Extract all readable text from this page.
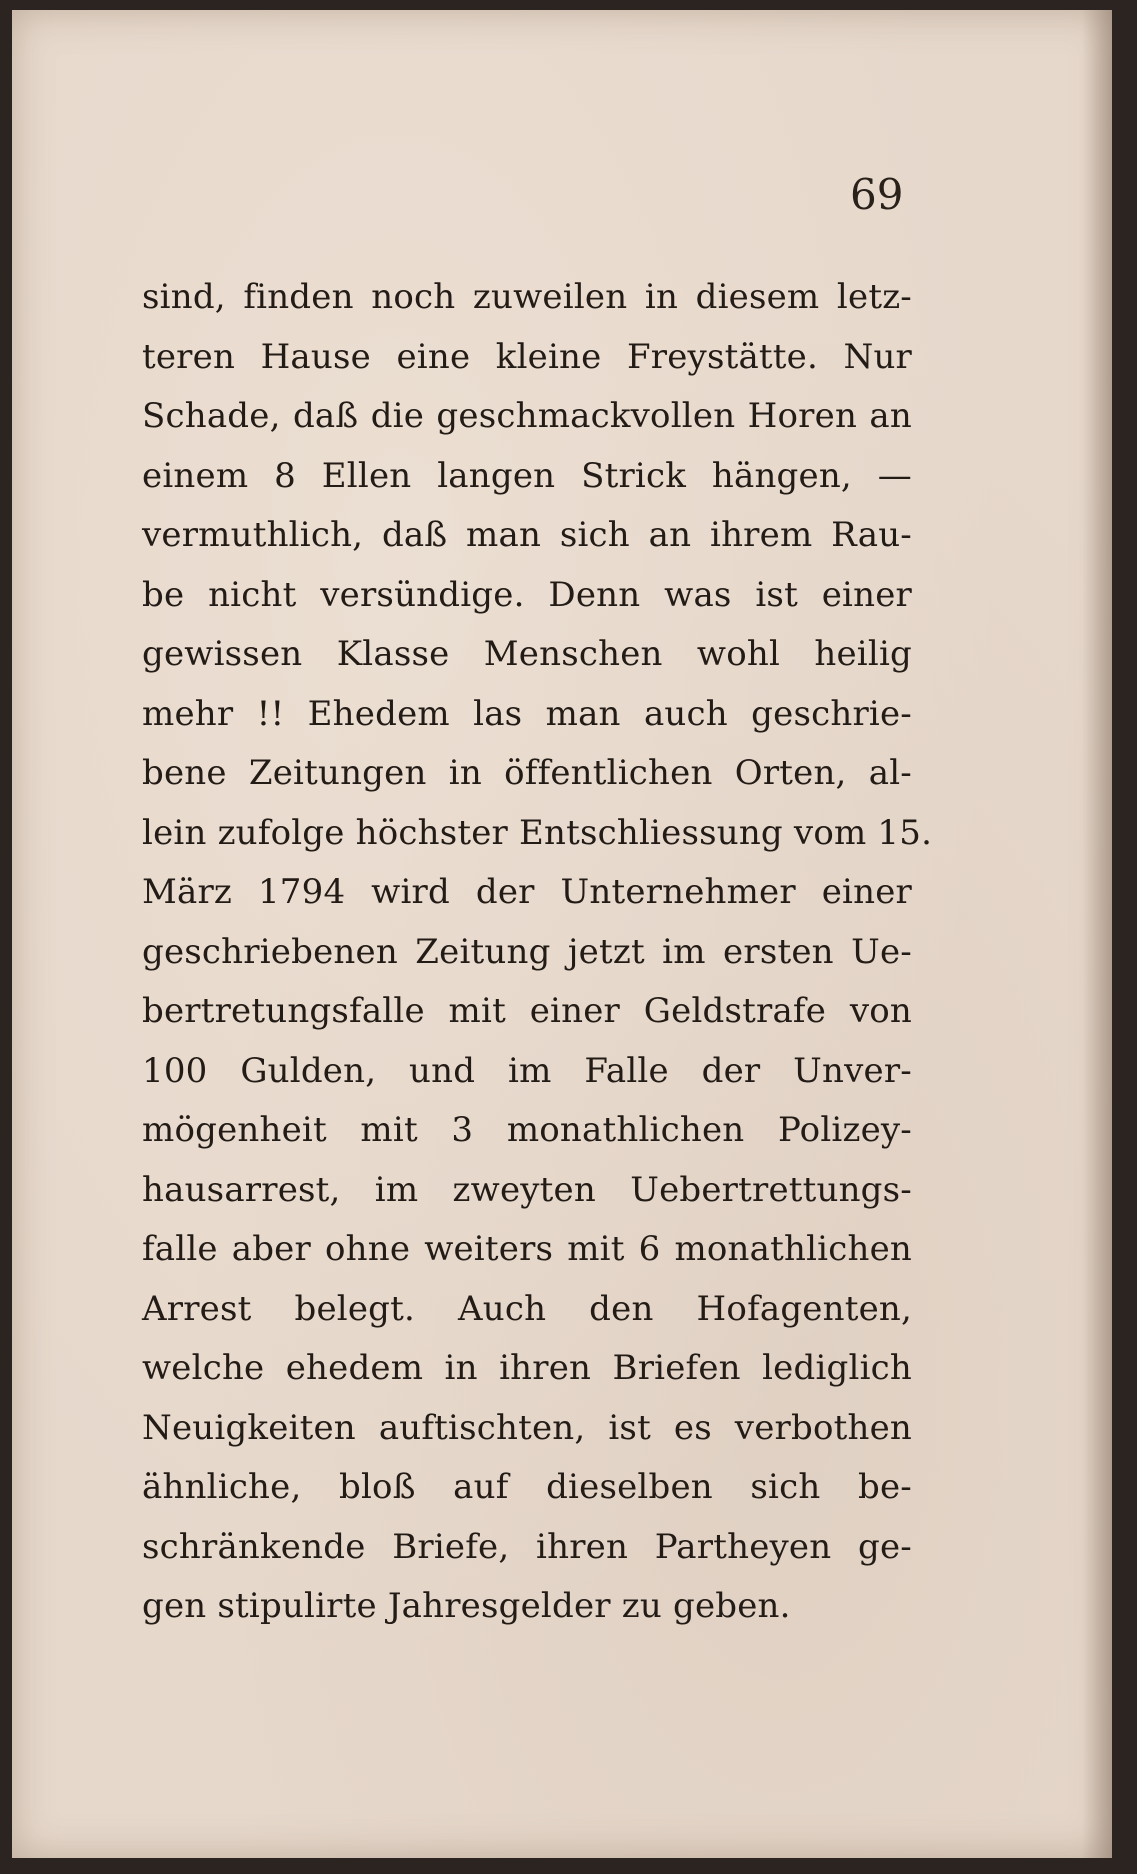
69

sind, finden noch zuweilen in diesem letz-
teren Hause eine kleine Freystätte. Nur
Schade, daß die geschmackvollen Horen an
einem 8 Ellen langen Strick hängen, —
vermuthlich, daß man sich an ihrem Rau-
be nicht versündige. Denn was ist einer
gewissen Klasse Menschen wohl heilig
mehr !! Ehedem las man auch geschrie-
bene Zeitungen in öffentlichen Orten, al-
lein zufolge höchster Entschliessung vom 15.
März 1794 wird der Unternehmer einer
geschriebenen Zeitung jetzt im ersten Ue-
bertretungsfalle mit einer Geldstrafe von
100 Gulden, und im Falle der Unver-
mögenheit mit 3 monathlichen Polizey-
hausarrest, im zweyten Uebertrettungs-
falle aber ohne weiters mit 6 monathlichen
Arrest belegt. Auch den Hofagenten,
welche ehedem in ihren Briefen lediglich
Neuigkeiten auftischten, ist es verbothen
ähnliche, bloß auf dieselben sich be-
schränkende Briefe, ihren Partheyen ge-
gen stipulirte Jahresgelder zu geben.
